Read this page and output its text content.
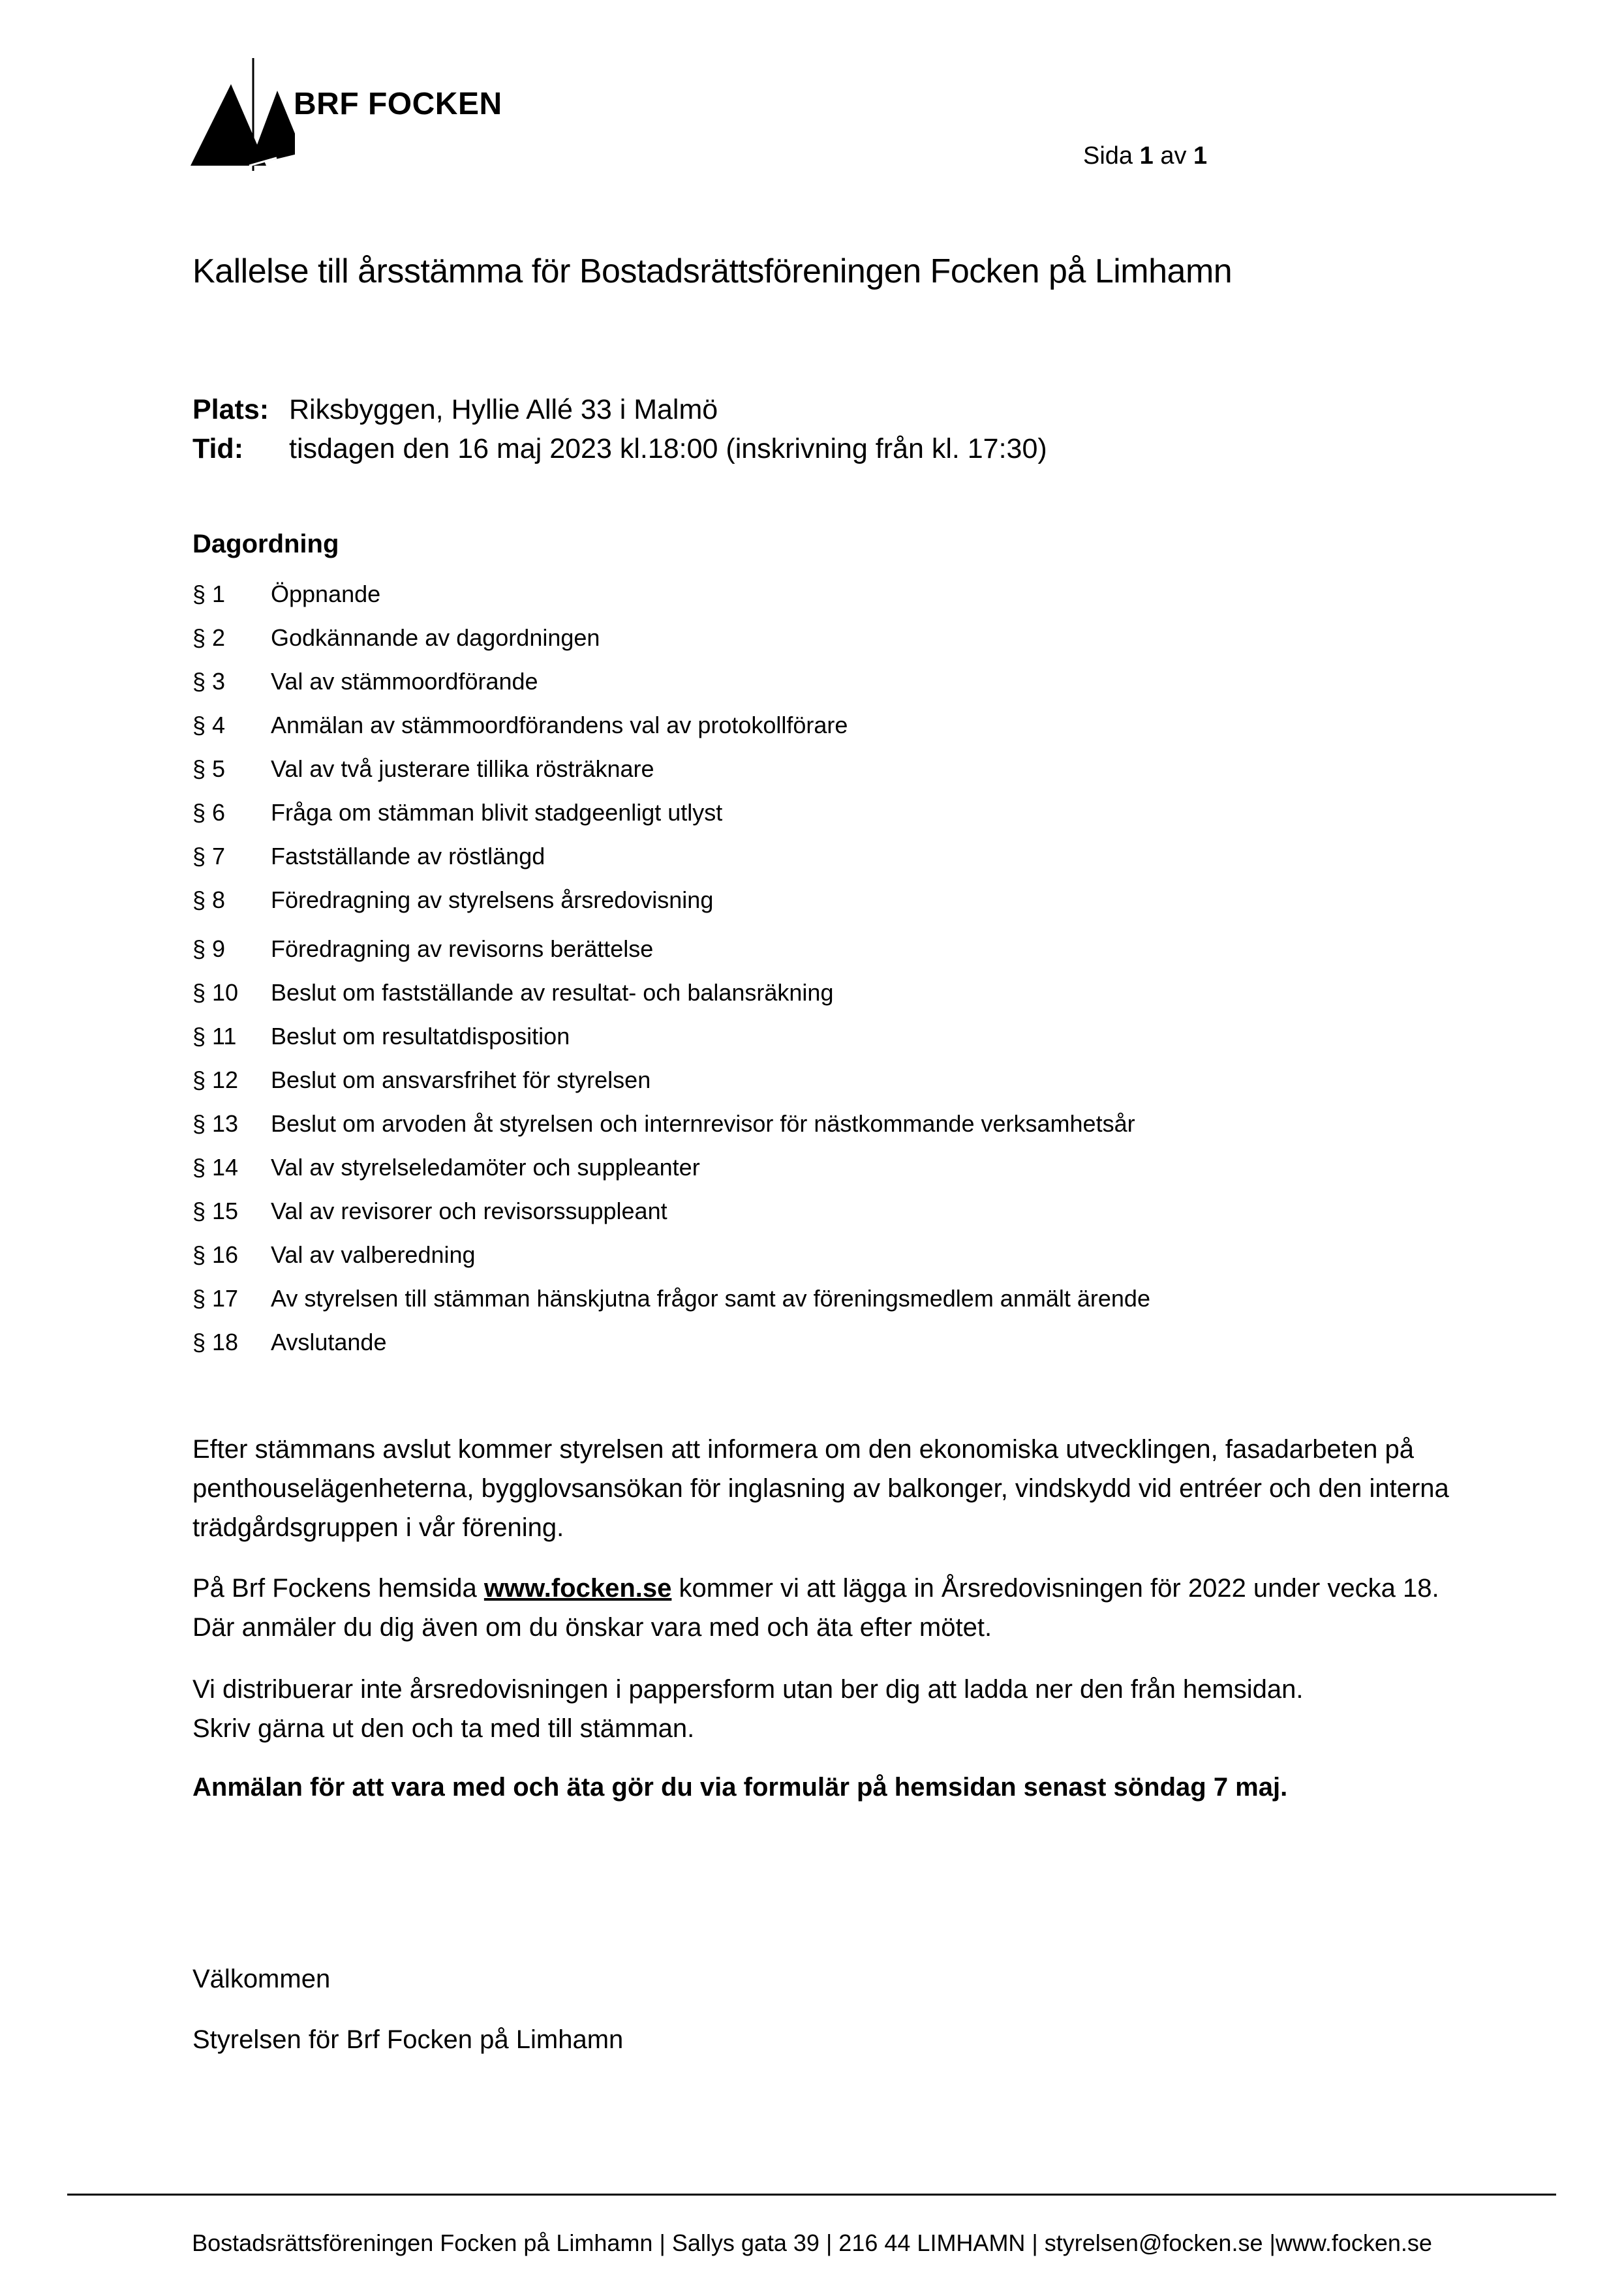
BRF FOCKEN
Sida 1 av 1
Kallelse till årsstämma för Bostadsrättsföreningen Focken på Limhamn
Plats: Riksbyggen, Hyllie Allé 33 i Malmö
Tid: tisdagen den 16 maj 2023 kl.18:00 (inskrivning från kl. 17:30)
Dagordning
§ 1 Öppnande
§ 2 Godkännande av dagordningen
§ 3 Val av stämmoordförande
§ 4 Anmälan av stämmoordförandens val av protokollförare
§ 5 Val av två justerare tillika rösträknare
§ 6 Fråga om stämman blivit stadgeenligt utlyst
§ 7 Fastställande av röstlängd
§ 8 Föredragning av styrelsens årsredovisning
§ 9 Föredragning av revisorns berättelse
§ 10 Beslut om fastställande av resultat- och balansräkning
§ 11 Beslut om resultatdisposition
§ 12 Beslut om ansvarsfrihet för styrelsen
§ 13 Beslut om arvoden åt styrelsen och internrevisor för nästkommande verksamhetsår
§ 14 Val av styrelseledamöter och suppleanter
§ 15 Val av revisorer och revisorssuppleant
§ 16 Val av valberedning
§ 17 Av styrelsen till stämman hänskjutna frågor samt av föreningsmedlem anmält ärende
§ 18 Avslutande
Efter stämmans avslut kommer styrelsen att informera om den ekonomiska utvecklingen, fasadarbeten på penthouselägenheterna, bygglovsansökan för inglasning av balkonger, vindskydd vid entréer och den interna trädgårdsgruppen i vår förening.
På Brf Fockens hemsida www.focken.se kommer vi att lägga in Årsredovisningen för 2022 under vecka 18. Där anmäler du dig även om du önskar vara med och äta efter mötet.
Vi distribuerar inte årsredovisningen i pappersform utan ber dig att ladda ner den från hemsidan.
Skriv gärna ut den och ta med till stämman.
Anmälan för att vara med och äta gör du via formulär på hemsidan senast söndag 7 maj.
Välkommen
Styrelsen för Brf Focken på Limhamn
Bostadsrättsföreningen Focken på Limhamn | Sallys gata 39 | 216 44 LIMHAMN | styrelsen@focken.se |www.focken.se
